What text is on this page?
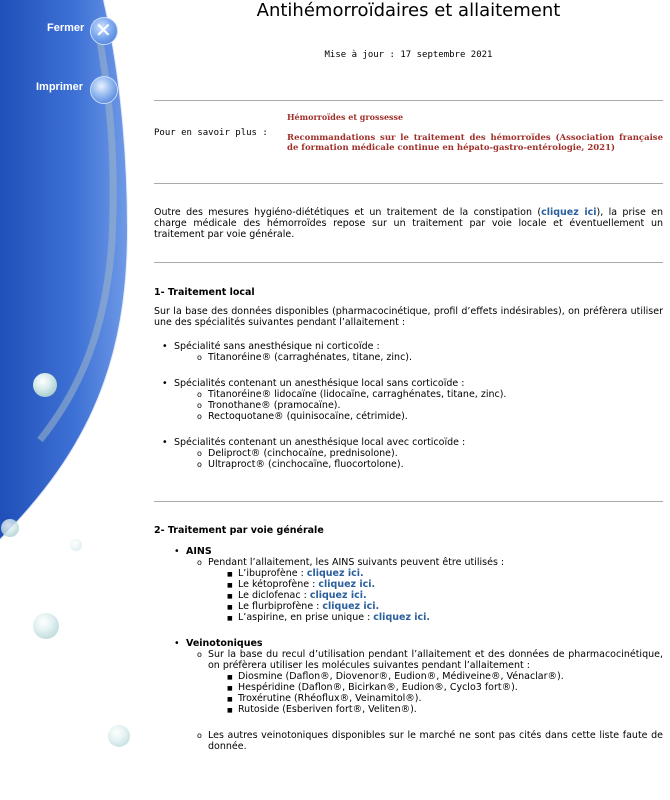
Fermer ✕
Imprimer
Antihémorroïdaires et allaitement
Mise à jour : 17 septembre 2021
Pour en savoir plus :
Hémorroïdes et grossesse
Recommandations sur le traitement des hémorroïdes (Association française de formation médicale continue en hépato-gastro-entérologie, 2021)
Outre des mesures hygiéno-diététiques et un traitement de la constipation (cliquez ici), la prise en charge médicale des hémorroïdes repose sur un traitement par voie locale et éventuellement un traitement par voie générale.
1- Traitement local
Sur la base des données disponibles (pharmacocinétique, profil d’effets indésirables), on préfèrera utiliser une des spécialités suivantes pendant l’allaitement :
• Spécialité sans anesthésique ni corticoïde :
o Titanoréine® (carraghénates, titane, zinc).
• Spécialités contenant un anesthésique local sans corticoïde :
o Titanoréine® lidocaïne (lidocaïne, carraghénates, titane, zinc).
o Tronothane® (pramocaïne).
o Rectoquotane® (quinisocaïne, cétrimide).
• Spécialités contenant un anesthésique local avec corticoïde :
o Deliproct® (cinchocaïne, prednisolone).
o Ultraproct® (cinchocaïne, fluocortolone).
2- Traitement par voie générale
• AINS
o Pendant l’allaitement, les AINS suivants peuvent être utilisés :
■ L’ibuprofène : cliquez ici.
■ Le kétoprofène : cliquez ici.
■ Le diclofenac : cliquez ici.
■ Le flurbiprofène : cliquez ici.
■ L’aspirine, en prise unique : cliquez ici.
• Veinotoniques
o Sur la base du recul d’utilisation pendant l’allaitement et des données de pharmacocinétique, on préfèrera utiliser les molécules suivantes pendant l’allaitement :
■ Diosmine (Daflon®, Diovenor®, Eudion®, Médiveine®, Vénaclar®).
■ Hespéridine (Daflon®, Bicirkan®, Eudion®, Cyclo3 fort®).
■ Troxérutine (Rhéoflux®, Veinamitol®).
■ Rutoside (Esberiven fort®, Veliten®).
o Les autres veinotoniques disponibles sur le marché ne sont pas cités dans cette liste faute de donnée.
